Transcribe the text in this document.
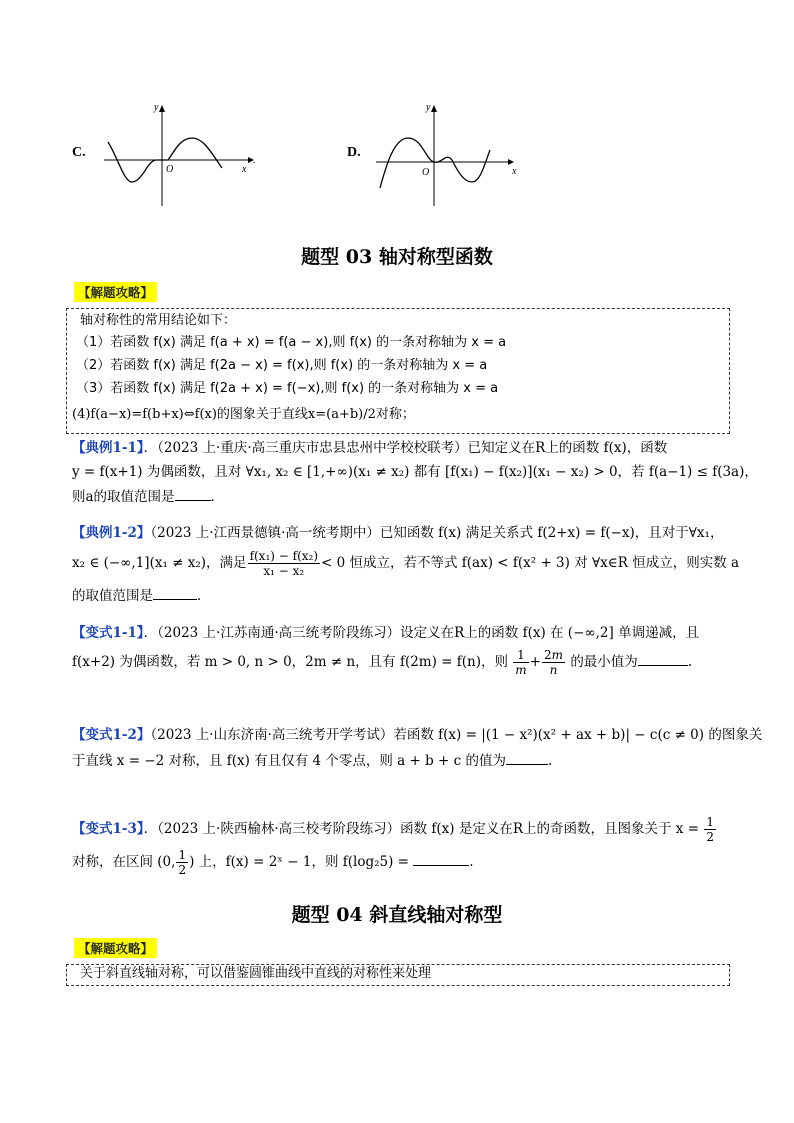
C.
y
x
O
.
D.
y
x
O
题型 03 轴对称型函数
【解题攻略】
轴对称性的常用结论如下：
（1）若函数 f(x) 满足 f(a + x) = f(a − x),则 f(x) 的一条对称轴为 x = a
（2）若函数 f(x) 满足 f(2a − x) = f(x),则 f(x) 的一条对称轴为 x = a
（3）若函数 f(x) 满足 f(2a + x) = f(−x),则 f(x) 的一条对称轴为 x = a
(4)f(a−x)=f(b+x)⇔f(x)的图象关于直线x=(a+b)/2对称；
【典例1-1】．（2023 上·重庆·高三重庆市忠县忠州中学校校联考）已知定义在R上的函数 f(x)，函数
y = f(x+1) 为偶函数，且对 ∀x₁, x₂ ∈ [1,+∞)(x₁ ≠ x₂) 都有 [f(x₁) − f(x₂)](x₁ − x₂) > 0，若 f(a−1) ≤ f(3a)，
则a的取值范围是	．
【典例1-2】（2023 上·江西景德镇·高一统考期中）已知函数 f(x) 满足关系式 f(2+x) = f(−x)，且对于∀x₁，
x₂ ∈ (−∞,1](x₁ ≠ x₂)，满足 $\frac{\text{f(x₁) − f(x₂)}}{\text{x₁ − x₂}} < 0$ 恒成立，若不等式 f(ax) < f(x² + 3) 对 ∀x∈R 恒成立，则实数 a
的取值范围是	．
【变式1-1】．（2023 上·江苏南通·高三统考阶段练习）设定义在R上的函数 f(x) 在 (−∞,2] 单调递减，且
f(x+2) 为偶函数，若 m > 0, n > 0，2m ≠ n，且有 f(2m) = f(n)，则 $\frac{1}{m} + \frac{2m}{n}$ 的最小值为	.
【变式1-2】（2023 上·山东济南·高三统考开学考试）若函数 f(x) = |(1 − x²)(x² + ax + b)| − c(c ≠ 0) 的图象关
于直线 x = −2 对称，且 f(x) 有且仅有 4 个零点，则 a + b + c 的值为	.
【变式1-3】．（2023 上·陕西榆林·高三校考阶段练习）函数 f(x) 是定义在R上的奇函数，且图象关于 $x = \frac{1}{2}$
对称，在区间 (0, $\frac{1}{2}$ ) 上，f(x) = 2ˣ − 1，则 f(log₂5) =	.
题型 04 斜直线轴对称型
【解题攻略】
关于斜直线轴对称，可以借鉴圆锥曲线中直线的对称性来处理
